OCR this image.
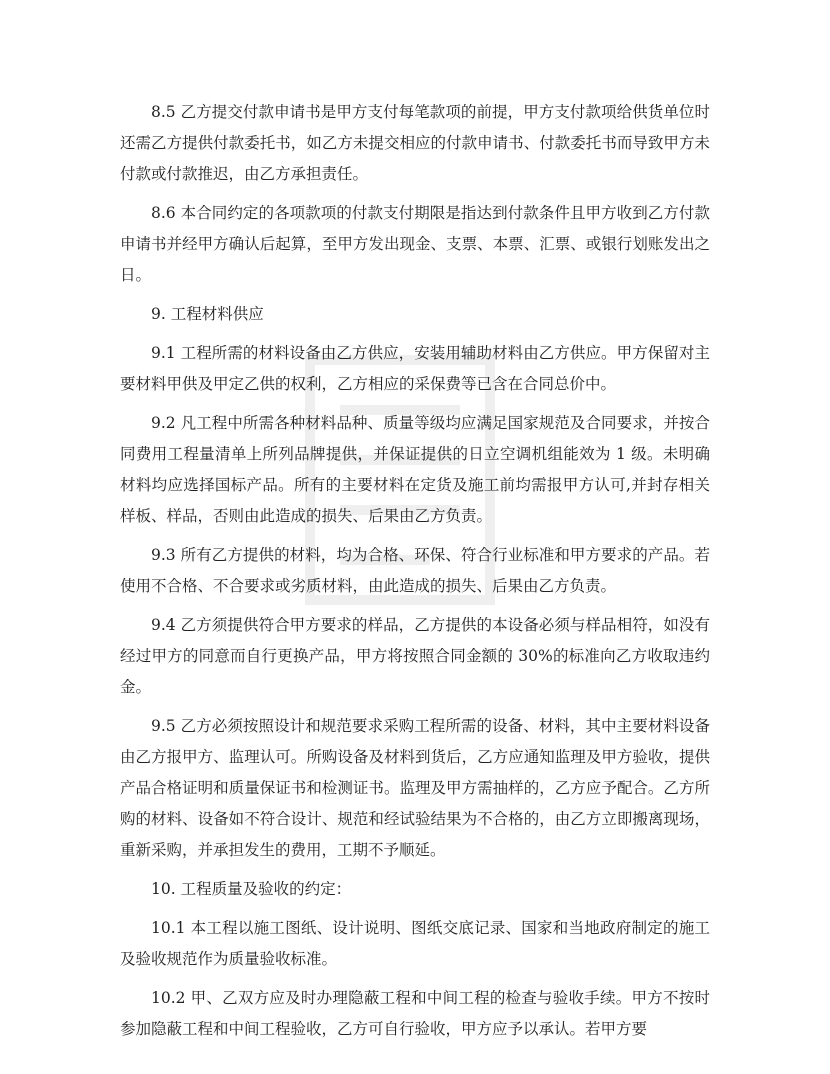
8.5 乙方提交付款申请书是甲方支付每笔款项的前提，甲方支付款项给供货单位时还需乙方提供付款委托书，如乙方未提交相应的付款申请书、付款委托书而导致甲方未付款或付款推迟，由乙方承担责任。

8.6 本合同约定的各项款项的付款支付期限是指达到付款条件且甲方收到乙方付款申请书并经甲方确认后起算，至甲方发出现金、支票、本票、汇票、或银行划账发出之日。

9. 工程材料供应

9.1 工程所需的材料设备由乙方供应，安装用辅助材料由乙方供应。甲方保留对主要材料甲供及甲定乙供的权利，乙方相应的采保费等已含在合同总价中。

9.2 凡工程中所需各种材料品种、质量等级均应满足国家规范及合同要求，并按合同费用工程量清单上所列品牌提供，并保证提供的日立空调机组能效为 1 级。未明确材料均应选择国标产品。所有的主要材料在定货及施工前均需报甲方认可,并封存相关样板、样品，否则由此造成的损失、后果由乙方负责。

9.3 所有乙方提供的材料，均为合格、环保、符合行业标准和甲方要求的产品。若使用不合格、不合要求或劣质材料，由此造成的损失、后果由乙方负责。

9.4 乙方须提供符合甲方要求的样品，乙方提供的本设备必须与样品相符，如没有经过甲方的同意而自行更换产品，甲方将按照合同金额的 30%的标准向乙方收取违约金。

9.5 乙方必须按照设计和规范要求采购工程所需的设备、材料，其中主要材料设备由乙方报甲方、监理认可。所购设备及材料到货后，乙方应通知监理及甲方验收，提供产品合格证明和质量保证书和检测证书。监理及甲方需抽样的，乙方应予配合。乙方所购的材料、设备如不符合设计、规范和经试验结果为不合格的，由乙方立即搬离现场，重新采购，并承担发生的费用，工期不予顺延。

10. 工程质量及验收的约定：

10.1 本工程以施工图纸、设计说明、图纸交底记录、国家和当地政府制定的施工及验收规范作为质量验收标准。

10.2 甲、乙双方应及时办理隐蔽工程和中间工程的检查与验收手续。甲方不按时参加隐蔽工程和中间工程验收，乙方可自行验收，甲方应予以承认。若甲方要
